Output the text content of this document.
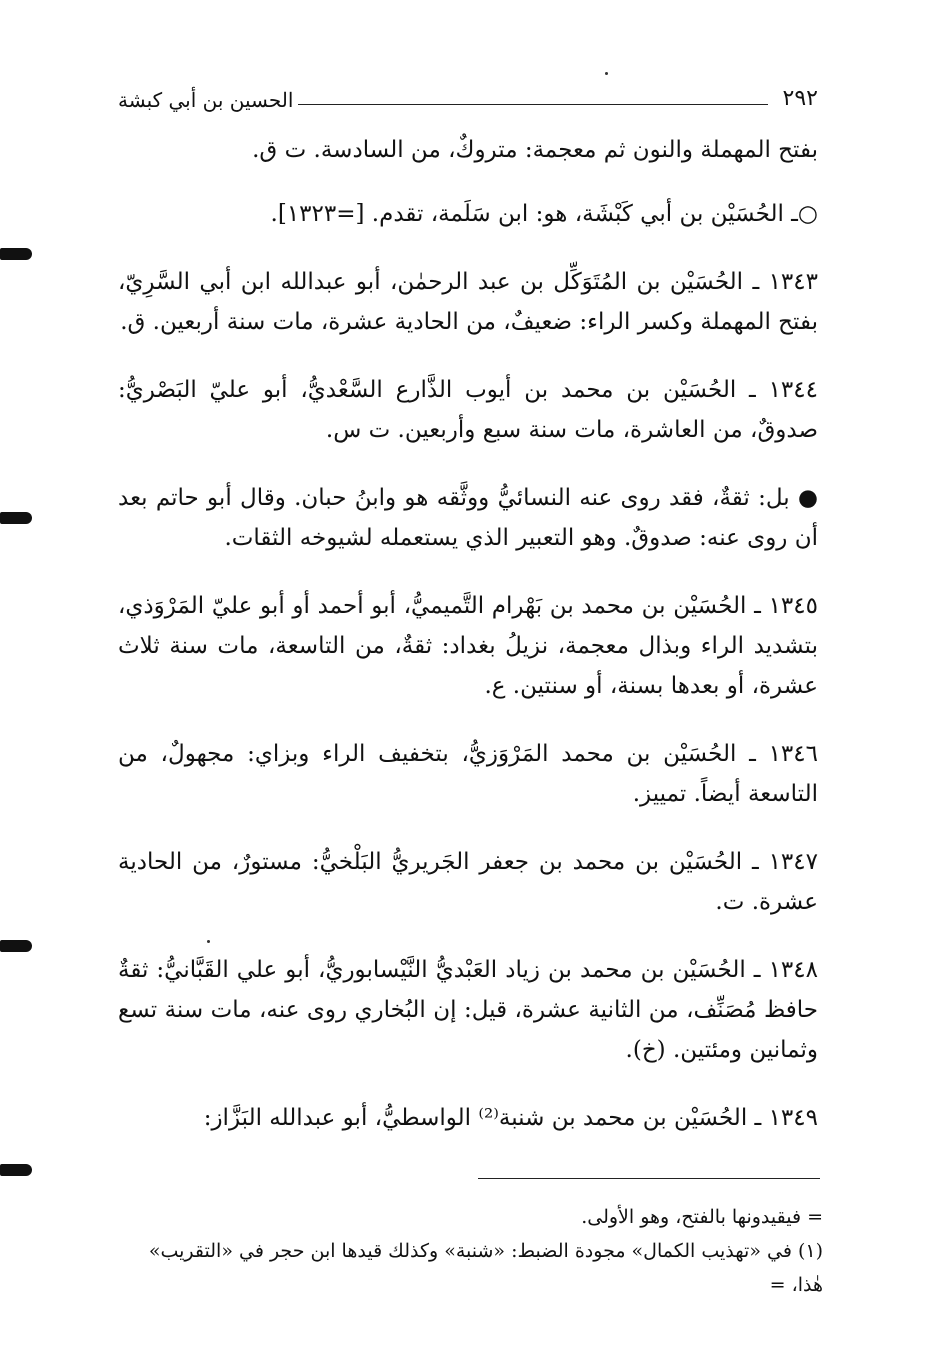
٢٩٢
الحسين بن أبي كبشة

بفتح المهملة والنون ثم معجمة: متروكٌ، من السادسة. ت ق.

○ـ الحُسَيْن بن أبي كَبْشَة، هو: ابن سَلَمة، تقدم. [=١٣٢٣].

١٣٤٣ ـ الحُسَيْن بن المُتَوَكِّل بن عبد الرحمٰن، أبو عبدالله ابن أبي السَّرِيّ، بفتح المهملة وكسر الراء: ضعيفٌ، من الحادية عشرة، مات سنة أربعين. ق.

١٣٤٤ ـ الحُسَيْن بن محمد بن أيوب الذَّارع السَّعْديُّ، أبو عليّ البَصْريُّ: صدوقٌ، من العاشرة، مات سنة سبع وأربعين. ت س.

● بل: ثقةٌ، فقد روى عنه النسائيُّ ووثَّقه هو وابنُ حبان. وقال أبو حاتم بعد أن روى عنه: صدوقٌ. وهو التعبير الذي يستعمله لشيوخه الثقات.

١٣٤٥ ـ الحُسَيْن بن محمد بن بَهْرام التَّميميُّ، أبو أحمد أو أبو عليّ المَرْوَذي، بتشديد الراء وبذال معجمة، نزيلُ بغداد: ثقةٌ، من التاسعة، مات سنة ثلاث عشرة، أو بعدها بسنة، أو سنتين. ع.

١٣٤٦ ـ الحُسَيْن بن محمد المَرْوَزيُّ، بتخفيف الراء وبزاي: مجهولٌ، من التاسعة أيضاً. تمييز.

١٣٤٧ ـ الحُسَيْن بن محمد بن جعفر الجَريريُّ البَلْخيُّ: مستورٌ، من الحادية عشرة. ت.

١٣٤٨ ـ الحُسَيْن بن محمد بن زياد العَبْديُّ النَّيْسابوريُّ، أبو علي القَبَّانيُّ: ثقةٌ حافظ مُصَنِّف، من الثانية عشرة، قيل: إن البُخاري روى عنه، مات سنة تسع وثمانين ومئتين. (خ).

١٣٤٩ ـ الحُسَيْن بن محمد بن شنبة⁽²⁾ الواسطيُّ، أبو عبدالله البَزَّاز:

= فيقيدونها بالفتح، وهو الأولى.

(١) في «تهذيب الكمال» مجودة الضبط: «شنبة» وكذلك قيدها ابن حجر في «التقريب» هٰذا، =
